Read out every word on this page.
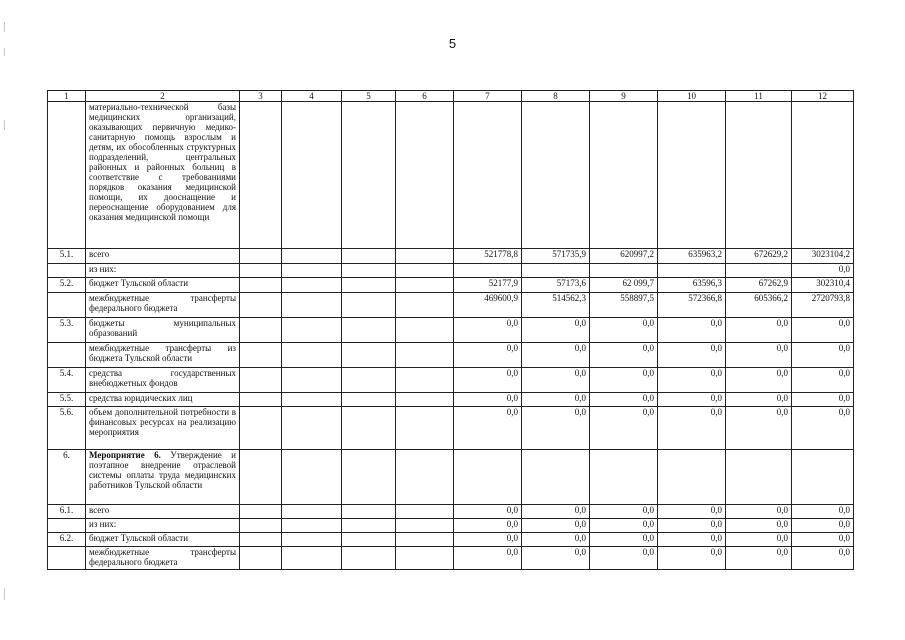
5
1	2	3	4	5	6	7	8	9	10	11	12
	материально-технической базы медицинских организаций, оказывающих первичную медико-санитарную помощь взрослым и детям, их обособленных структурных подразделений, центральных районных и районных больниц в соответствие с требованиями порядков оказания медицинской помощи, их дооснащение и переоснащение оборудованием для оказания медицинской помощи										
5.1.	всего					521778,8	571735,9	620997,2	635963,2	672629,2	3023104,2
	из них:										0,0
5.2.	бюджет Тульской области					52177,9	57173,6	62 099,7	63596,3	67262,9	302310,4
	межбюджетные трансферты федерального бюджета					469600,9	514562,3	558897,5	572366,8	605366,2	2720793,8
5.3.	бюджеты муниципальных образований					0,0	0,0	0,0	0,0	0,0	0,0
	межбюджетные трансферты из бюджета Тульской области					0,0	0,0	0,0	0,0	0,0	0,0
5.4.	средства государственных внебюджетных фондов					0,0	0,0	0,0	0,0	0,0	0,0
5.5.	средства юридических лиц					0,0	0,0	0,0	0,0	0,0	0,0
5.6.	объем дополнительной потребности в финансовых ресурсах на реализацию мероприятия					0,0	0,0	0,0	0,0	0,0	0,0
6.	Мероприятие 6. Утверждение и поэтапное внедрение отраслевой системы оплаты труда медицинских работников Тульской области										
6.1.	всего					0,0	0,0	0,0	0,0	0,0	0,0
	из них:					0,0	0,0	0,0	0,0	0,0	0,0
6.2.	бюджет Тульской области					0,0	0,0	0,0	0,0	0,0	0,0
	межбюджетные трансферты федерального бюджета					0,0	0,0	0,0	0,0	0,0	0,0
